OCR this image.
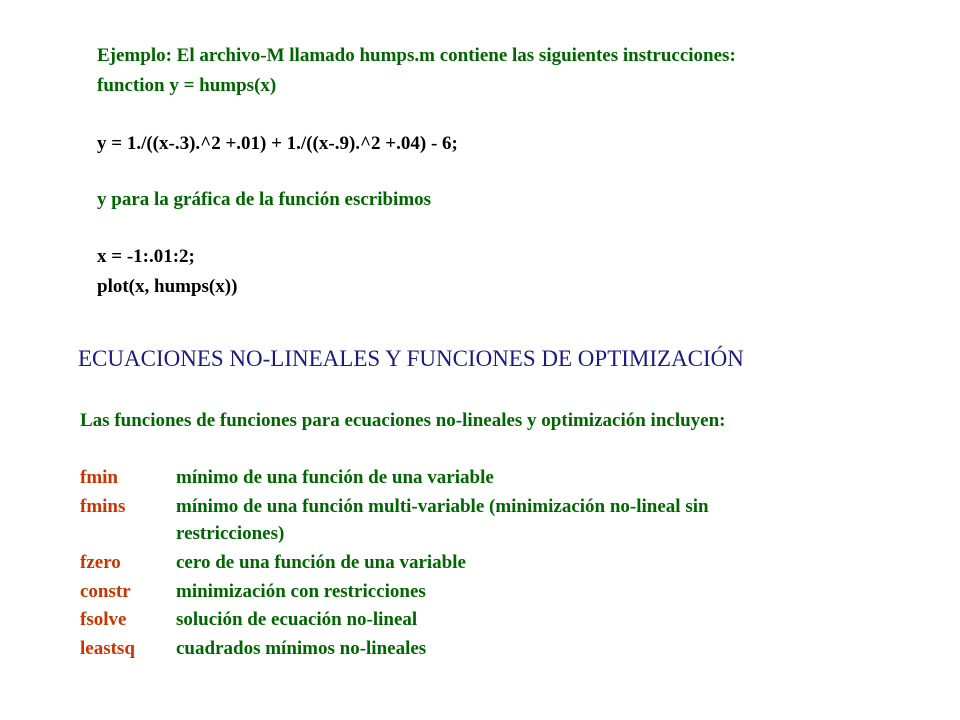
Ejemplo: El archivo-M llamado humps.m contiene las siguientes instrucciones:
function y = humps(x)
y = 1./((x-.3).^2 +.01) + 1./((x-.9).^2 +.04) - 6;
y para la gráfica de la función escribimos
x = -1:.01:2;
plot(x, humps(x))
ECUACIONES NO-LINEALES Y FUNCIONES DE OPTIMIZACIÓN
Las funciones de funciones para ecuaciones no-lineales y optimización incluyen:
fmin	mínimo de una función de una variable
fmins	mínimo de una función multi-variable (minimización no-lineal sin
restricciones)
fzero	cero de una función de una variable
constr minimización con restricciones
fsolve	solución de ecuación no-lineal
leastsq cuadrados mínimos no-lineales
